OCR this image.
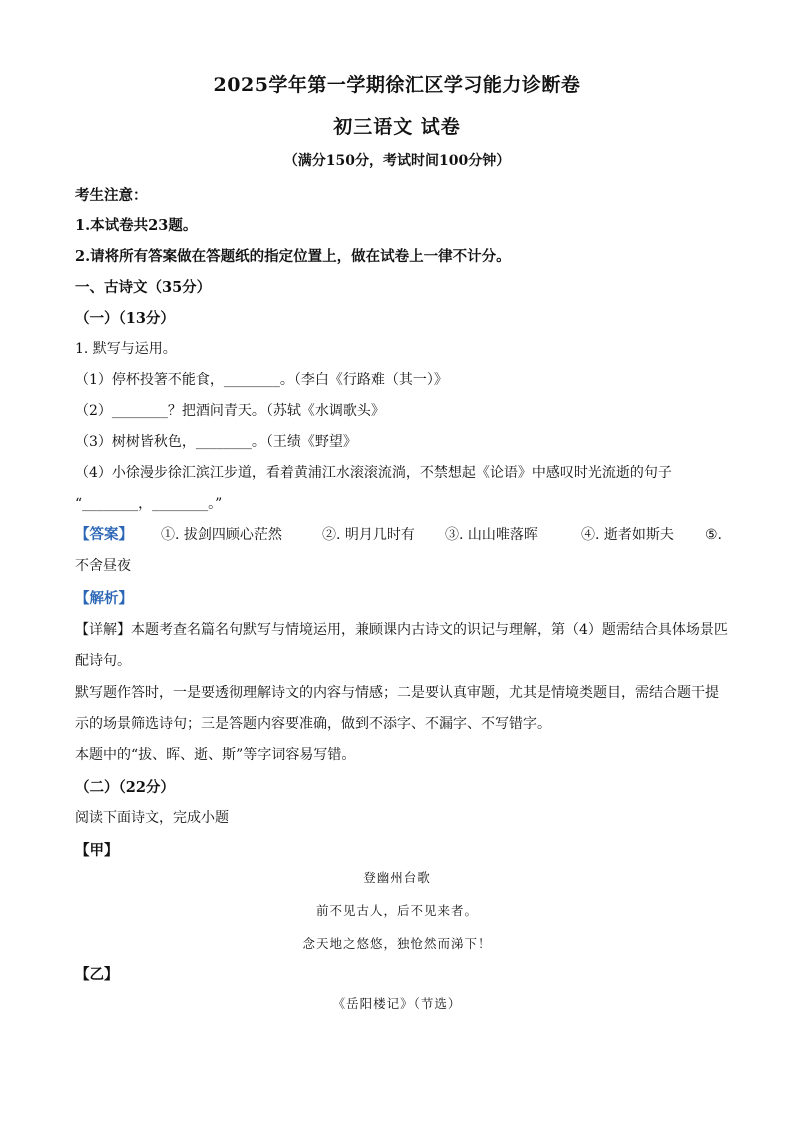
2025学年第一学期徐汇区学习能力诊断卷
初三语文 试卷
（满分150分，考试时间100分钟）
考生注意：
1.本试卷共23题。
2.请将所有答案做在答题纸的指定位置上，做在试卷上一律不计分。
一、古诗文（35分）
（一）（13分）
1. 默写与运用。
（1）停杯投箸不能食，________。（李白《行路难（其一）》
（2）________？把酒问青天。（苏轼《水调歌头》
（3）树树皆秋色，________。（王绩《野望》
（4）小徐漫步徐汇滨江步道，看着黄浦江水滚滚流淌，不禁想起《论语》中感叹时光流逝的句子
“________，________。”
【答案】 ①. 拔剑四顾心茫然	②. 明月几时有 ③. 山山唯落晖	④. 逝者如斯夫 ⑤.
不舍昼夜
【解析】
【详解】本题考查名篇名句默写与情境运用，兼顾课内古诗文的识记与理解，第（4）题需结合具体场景匹
配诗句。
默写题作答时，一是要透彻理解诗文的内容与情感；二是要认真审题，尤其是情境类题目，需结合题干提
示的场景筛选诗句；三是答题内容要准确，做到不添字、不漏字、不写错字。
本题中的“拔、晖、逝、斯”等字词容易写错。
（二）（22分）
阅读下面诗文，完成小题
【甲】
登幽州台歌
前不见古人，后不见来者。
念天地之悠悠，独怆然而涕下！
【乙】
《岳阳楼记》（节选）
